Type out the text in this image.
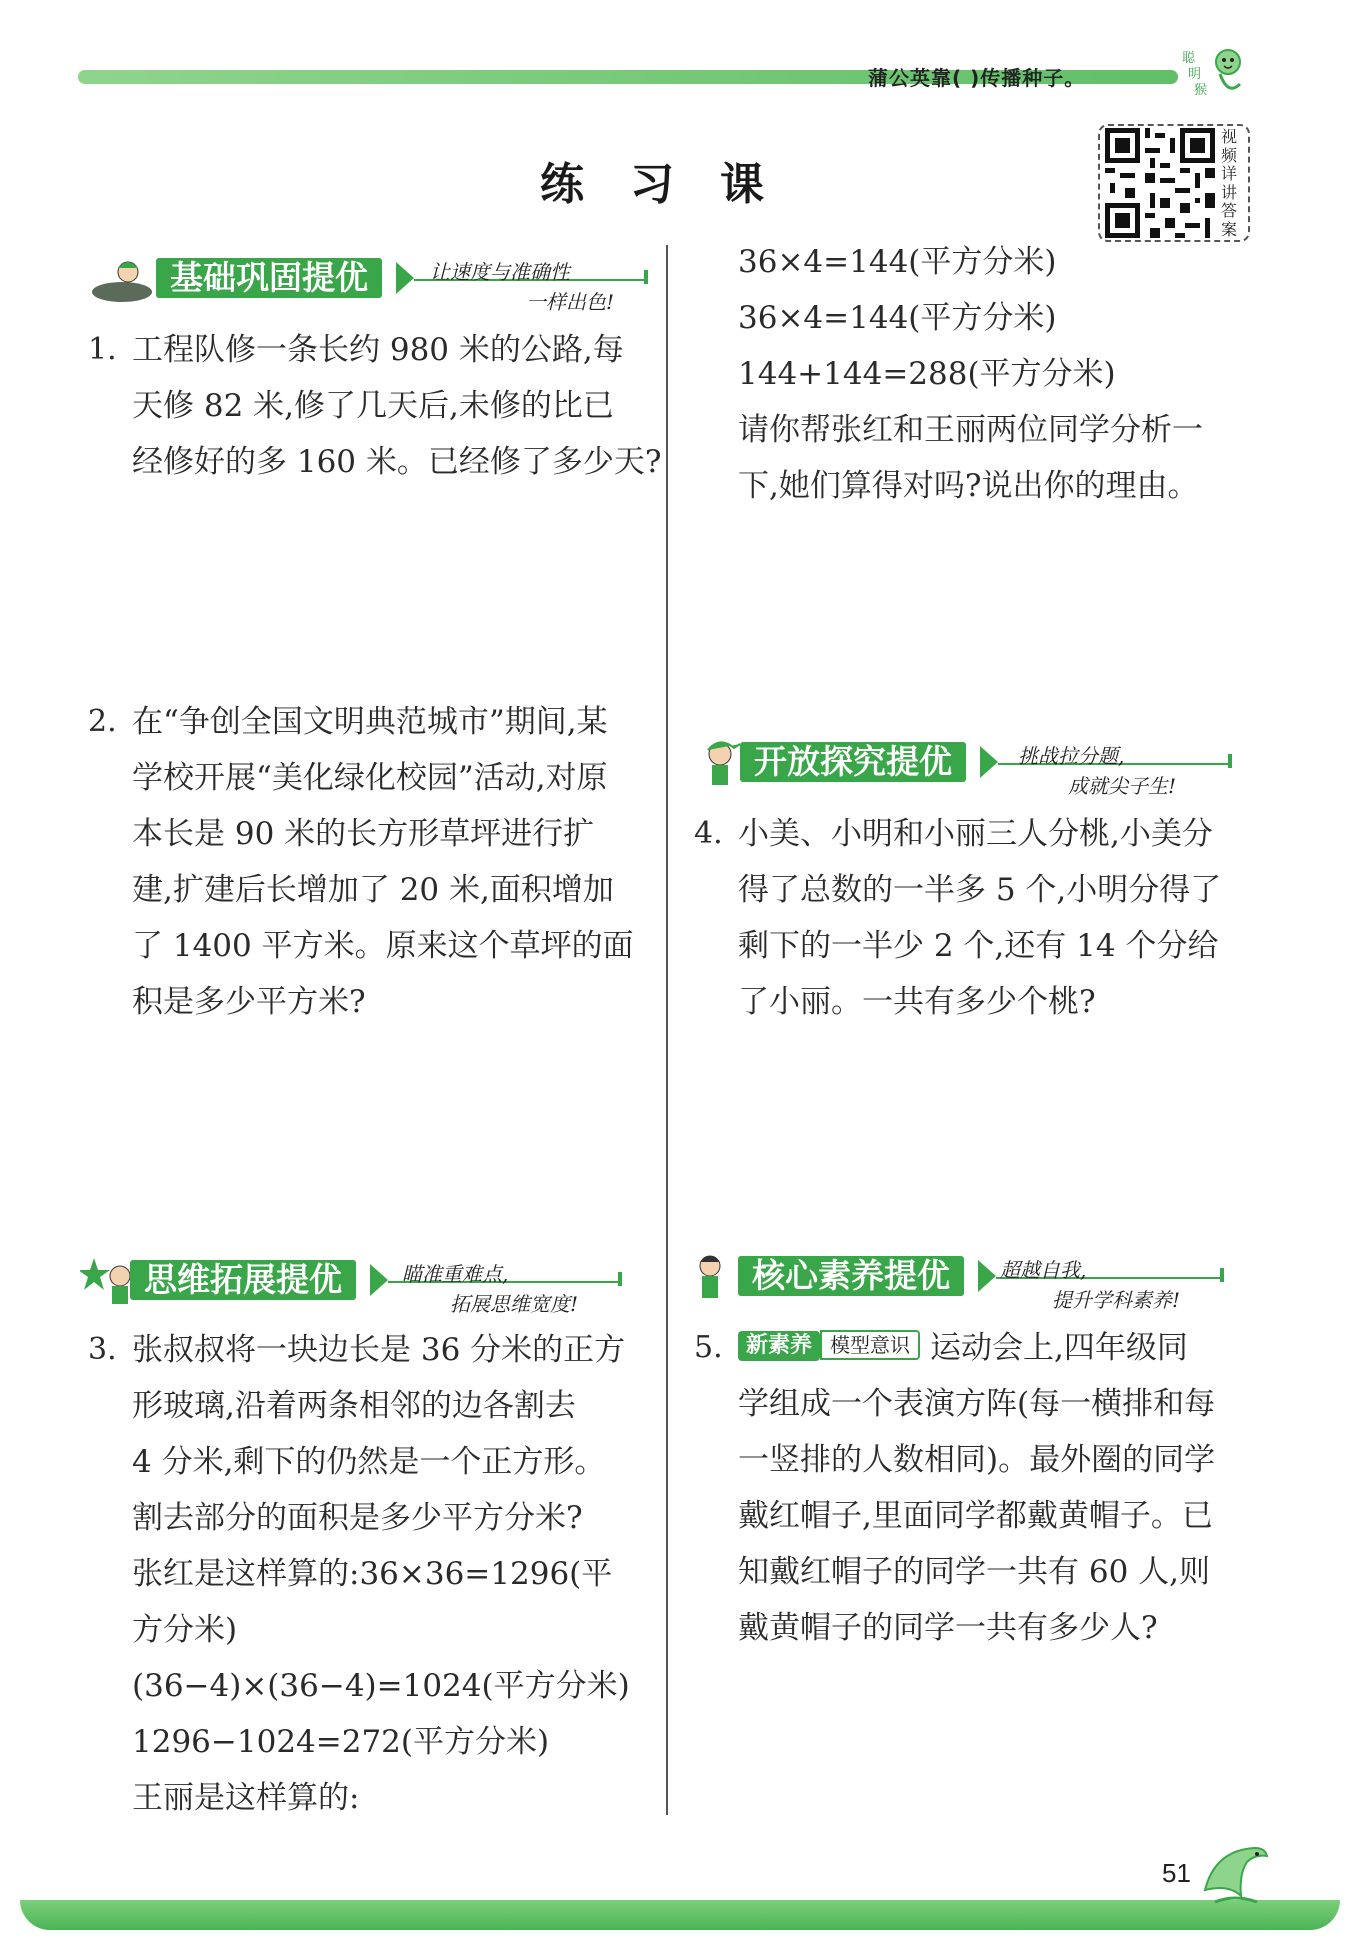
蒲公英靠( )传播种子。
聪
明
猴
练习课
视频详讲答案
基础巩固提优	让速度与准确性
一样出色!
1. 工程队修一条长约 980 米的公路,每
天修 82 米,修了几天后,未修的比已
经修好的多 160 米。已经修了多少天?
2. 在“争创全国文明典范城市”期间,某
学校开展“美化绿化校园”活动,对原
本长是 90 米的长方形草坪进行扩
建,扩建后长增加了 20 米,面积增加
了 1400 平方米。原来这个草坪的面
积是多少平方米?
思维拓展提优	瞄准重难点,
拓展思维宽度!
3. 张叔叔将一块边长是 36 分米的正方
形玻璃,沿着两条相邻的边各割去
4 分米,剩下的仍然是一个正方形。
割去部分的面积是多少平方分米?
张红是这样算的:36×36=1296(平
方分米)
(36−4)×(36−4)=1024(平方分米)
1296−1024=272(平方分米)
王丽是这样算的:
36×4=144(平方分米)
36×4=144(平方分米)
144+144=288(平方分米)
请你帮张红和王丽两位同学分析一
下,她们算得对吗?说出你的理由。
开放探究提优	挑战拉分题,
成就尖子生!
4. 小美、小明和小丽三人分桃,小美分
得了总数的一半多 5 个,小明分得了
剩下的一半少 2 个,还有 14 个分给
了小丽。一共有多少个桃?
核心素养提优	超越自我,
提升学科素养!
5.	新素养 模型意识 运动会上,四年级同
学组成一个表演方阵(每一横排和每
一竖排的人数相同)。最外圈的同学
戴红帽子,里面同学都戴黄帽子。已
知戴红帽子的同学一共有 60 人,则
戴黄帽子的同学一共有多少人?
51
